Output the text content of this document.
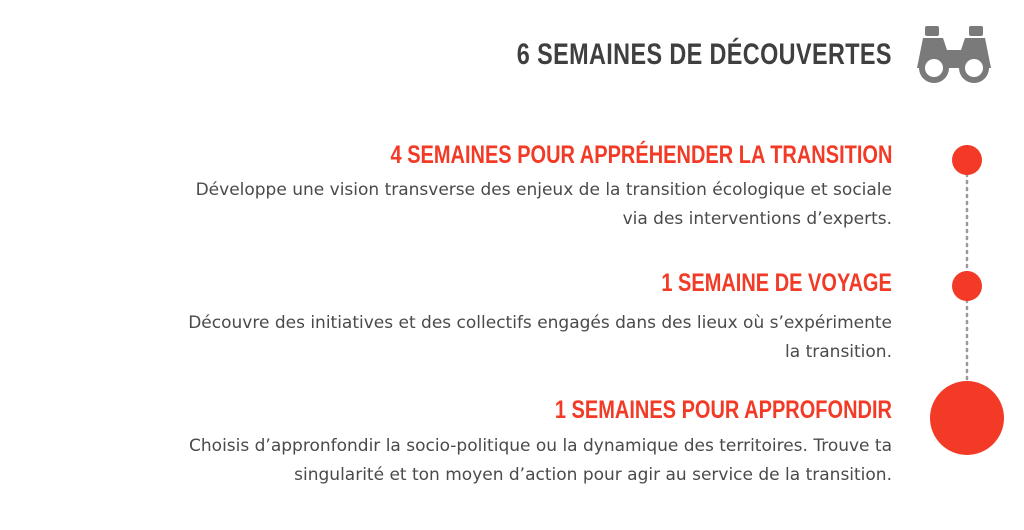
6 SEMAINES DE DÉCOUVERTES
4 SEMAINES POUR APPRÉHENDER LA TRANSITION
Développe une vision transverse des enjeux de la transition écologique et sociale
via des interventions d’experts.
1 SEMAINE DE VOYAGE
Découvre des initiatives et des collectifs engagés dans des lieux où s’expérimente
la transition.
1 SEMAINES POUR APPROFONDIR
Choisis d’appronfondir la socio-politique ou la dynamique des territoires. Trouve ta
singularité et ton moyen d’action pour agir au service de la transition.
